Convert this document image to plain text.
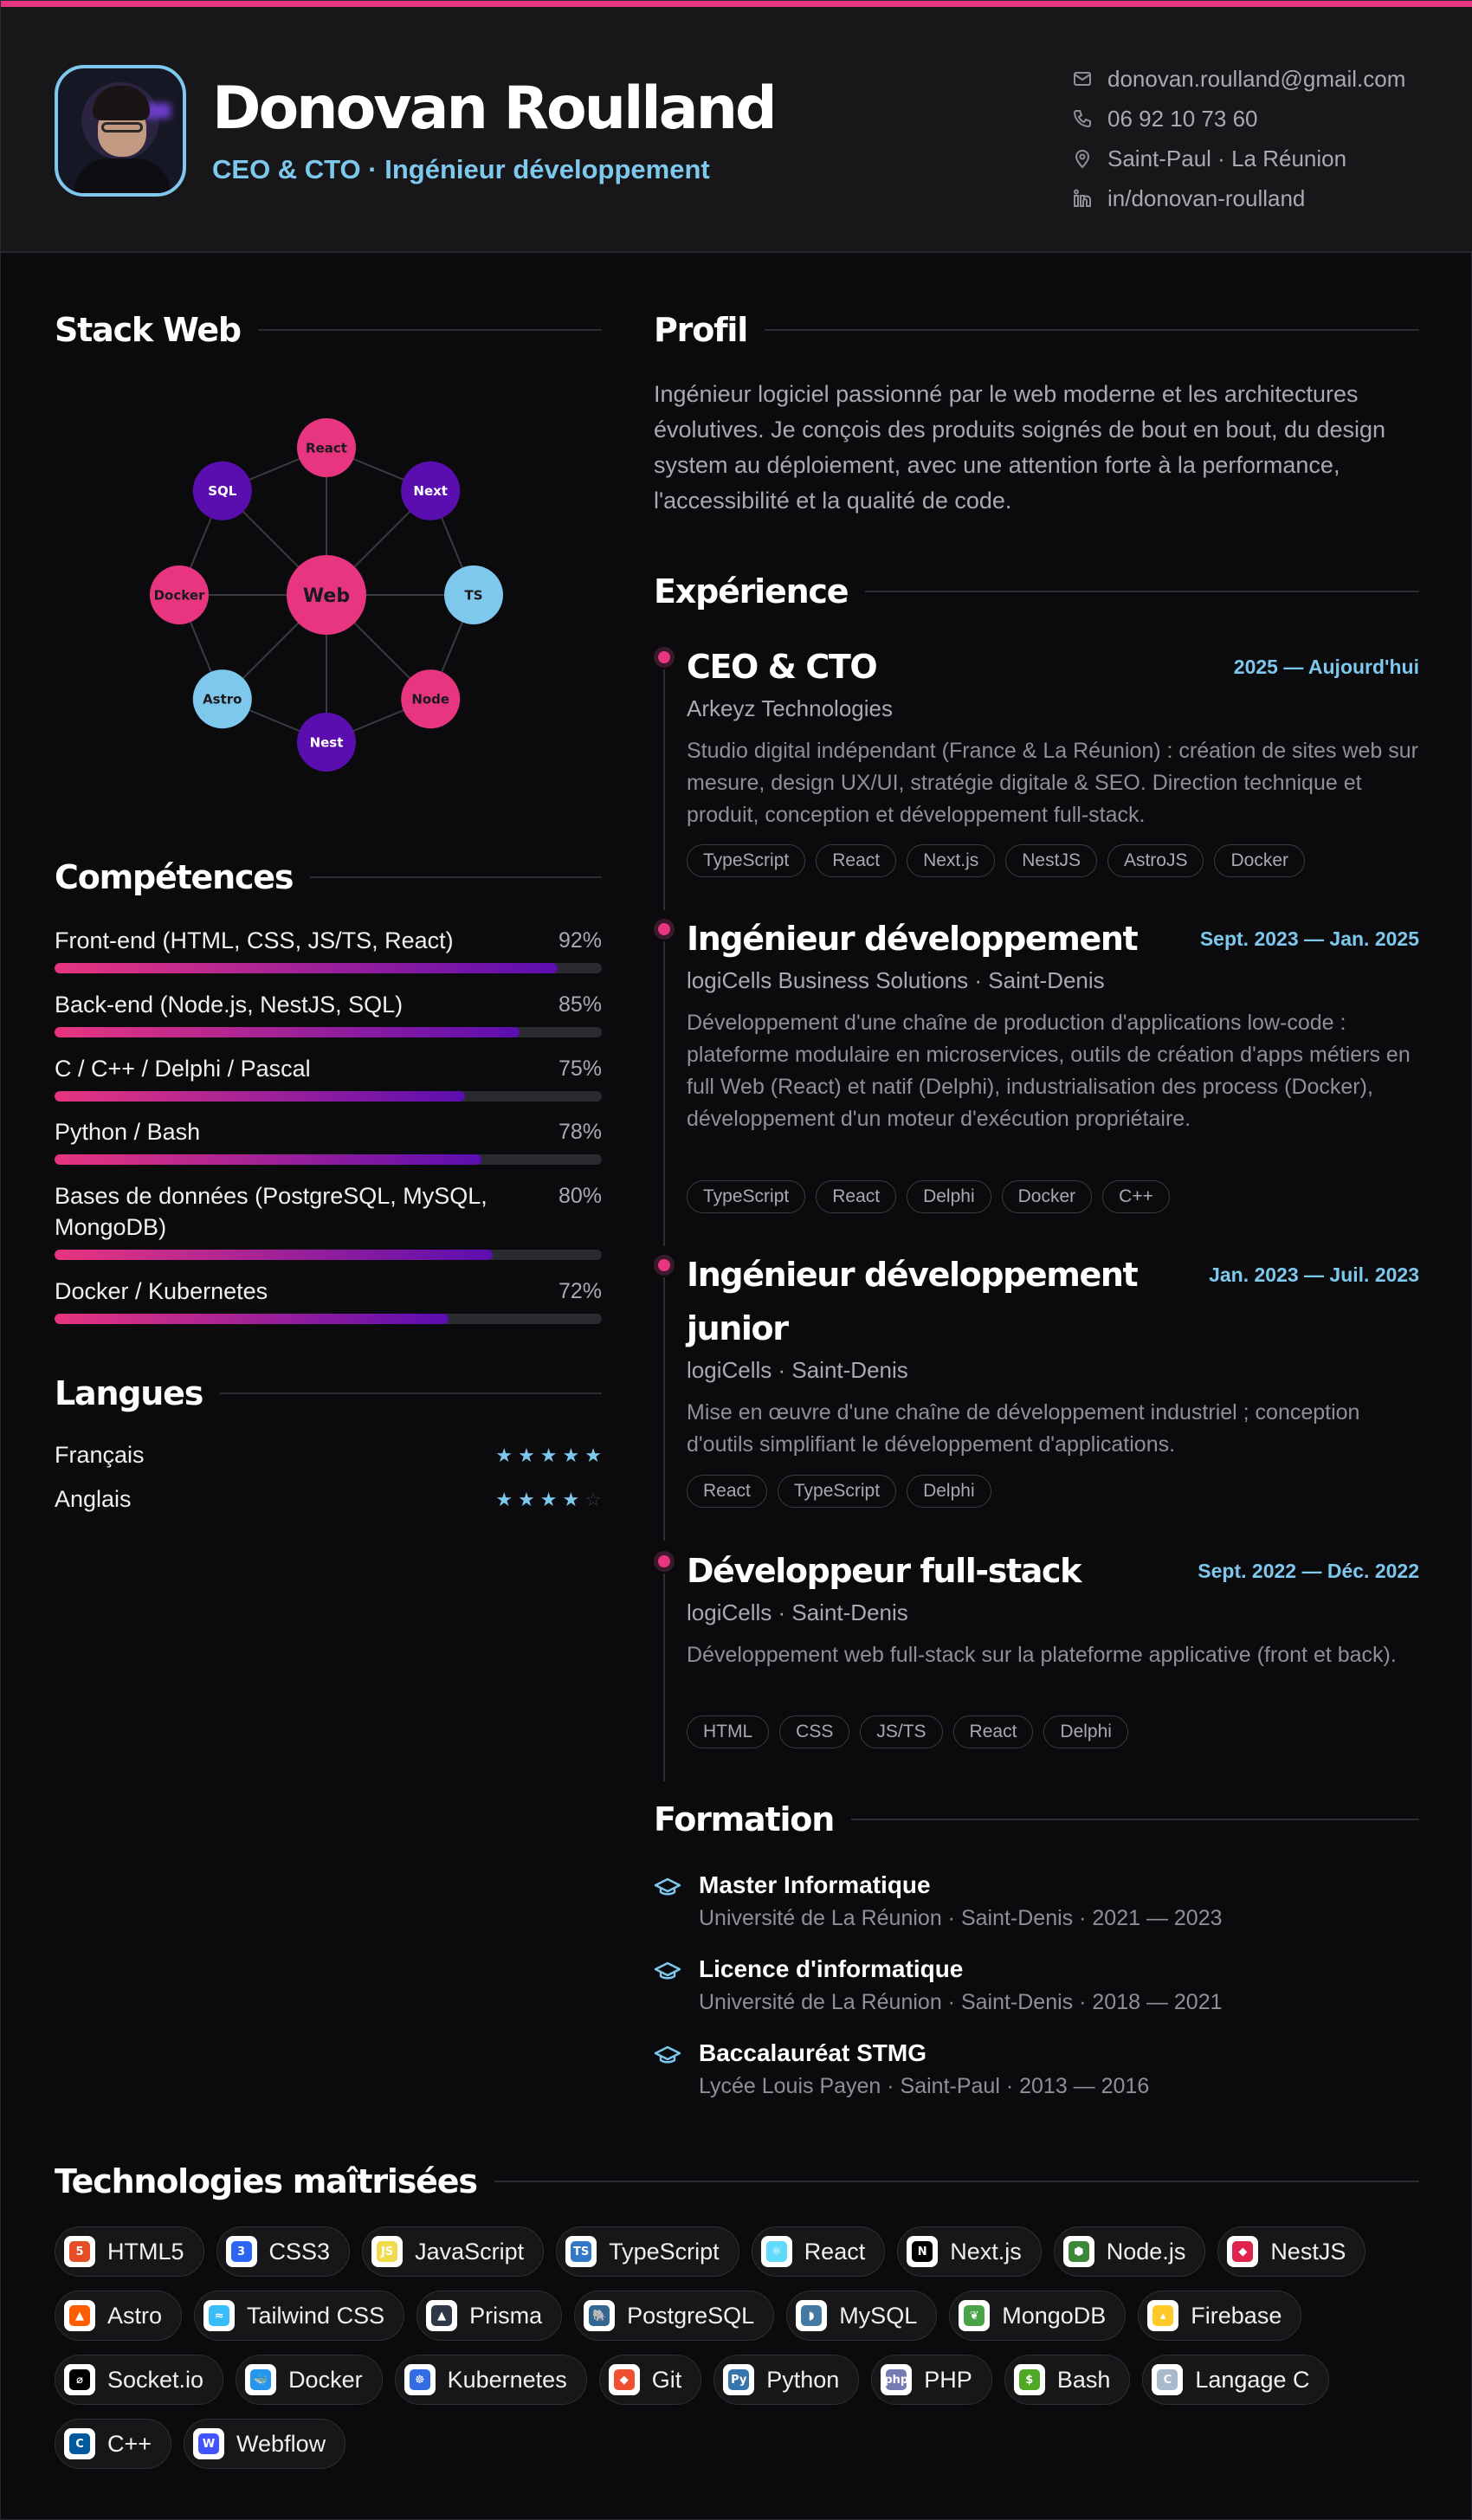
Donovan Roulland
CEO & CTO · Ingénieur développement
donovan.roulland@gmail.com
06 92 10 73 60
Saint-Paul · La Réunion
in/donovan-roulland
Stack Web
React
Next
TS
Node
Nest
Astro
Docker
SQL
Web
Compétences
Front-end (HTML, CSS, JS/TS, React)	92%
Back-end (Node.js, NestJS, SQL)	85%
C / C++ / Delphi / Pascal	75%
Python / Bash	78%
Bases de données (PostgreSQL, MySQL,	80%
MongoDB)
Docker / Kubernetes	72%
Langues
Français	★ ★ ★ ★ ★
Anglais	★ ★ ★ ★ ☆
Profil
Ingénieur logiciel passionné par le web moderne et les architectures évolutives. Je conçois des produits soignés de bout en bout, du design system au déploiement, avec une attention forte à la performance, l'accessibilité et la qualité de code.
Expérience
CEO & CTO	2025 — Aujourd'hui
Arkeyz Technologies
Studio digital indépendant (France & La Réunion) : création de sites web sur mesure, design UX/UI, stratégie digitale & SEO. Direction technique et produit, conception et développement full-stack.
TypeScript	React	Next.js	NestJS	AstroJS	Docker
Ingénieur développement	Sept. 2023 — Jan. 2025
logiCells Business Solutions · Saint-Denis
Développement d'une chaîne de production d'applications low-code : plateforme modulaire en microservices, outils de création d'apps métiers en full Web (React) et natif (Delphi), industrialisation des process (Docker), développement d'un moteur d'exécution propriétaire.
TypeScript	React	Delphi	Docker	C++
Ingénieur développement junior
Jan. 2023 — Juil. 2023
logiCells · Saint-Denis
Mise en œuvre d'une chaîne de développement industriel ; conception d'outils simplifiant le développement d'applications.
React	TypeScript	Delphi
Développeur full-stack	Sept. 2022 — Déc. 2022
logiCells · Saint-Denis
Développement web full-stack sur la plateforme applicative (front et back).
HTML	CSS	JS/TS	React	Delphi
Formation
Master Informatique
Université de La Réunion · Saint-Denis · 2021 — 2023
Licence d'informatique
Université de La Réunion · Saint-Denis · 2018 — 2021
Baccalauréat STMG
Lycée Louis Payen · Saint-Paul · 2013 — 2016
Technologies maîtrisées
5 HTML5	3 CSS3	JS JavaScript	TS TypeScript	⚛ React	N Next.js	⬢ Node.js	◆ NestJS
▲ Astro	≈ Tailwind CSS	▲ Prisma	🐘 PostgreSQL	◗	MySQL	❦ MongoDB	▴	Firebase
⌀ Socket.io	🐳 Docker	☸ Kubernetes	◆ Git	Py Python	php PHP	$ Bash	C Langage C
C C++	W Webflow
